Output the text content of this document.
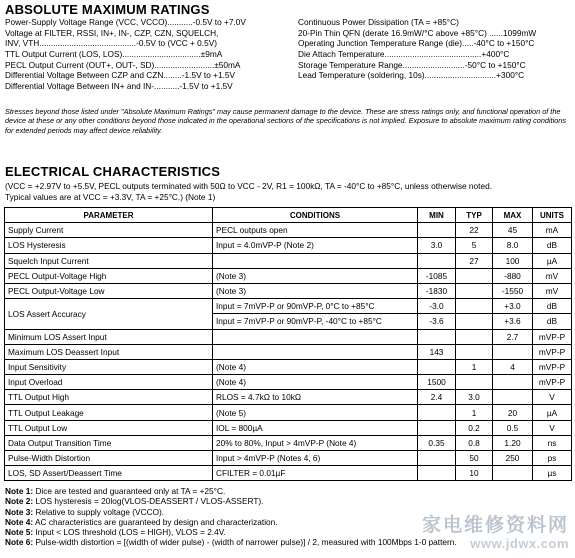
ABSOLUTE MAXIMUM RATINGS
Power-Supply Voltage Range (VCC, VCCO)...........-0.5V to +7.0V
Voltage at FILTER, RSSI, IN+, IN-, CZP, CZN, SQUELCH,
INV, VTH..........................................-0.5V to (VCC + 0.5V)
TTL Output Current (LOS, LOS)..................................±9mA
PECL Output Current (OUT+, OUT-, SD)..........................±50mA
Differential Voltage Between CZP and CZN........-1.5V to +1.5V
Differential Voltage Between IN+ and IN-...........-1.5V to +1.5V
Continuous Power Dissipation (TA = +85°C)
20-Pin Thin QFN (derate 16.9mW/°C above +85°C) ......1099mW
Operating Junction Temperature Range (die).....-40°C to +150°C
Die Attach Temperature..........................................+400°C
Storage Temperature Range...........................-50°C to +150°C
Lead Temperature (soldering, 10s)...............................+300°C
Stresses beyond those listed under "Absolute Maximum Ratings" may cause permanent damage to the device. These are stress ratings only, and functional operation of the device at these or any other conditions beyond those indicated in the operational sections of the specifications is not implied. Exposure to absolute maximum rating conditions for extended periods may affect device reliability.
ELECTRICAL CHARACTERISTICS
(VCC = +2.97V to +5.5V, PECL outputs terminated with 50Ω to VCC - 2V, R1 = 100kΩ, TA = -40°C to +85°C, unless otherwise noted.
Typical values are at VCC = +3.3V, TA = +25°C.) (Note 1)
PARAMETER	CONDITIONS	MIN	TYP	MAX	UNITS
Supply Current	PECL outputs open		22	45	mA
LOS Hysteresis	Input = 4.0mVP-P (Note 2)	3.0	5	8.0	dB
Squelch Input Current			27	100	µA
PECL Output-Voltage High	(Note 3)	-1085		-880	mV
PECL Output-Voltage Low	(Note 3)	-1830		-1550	mV
LOS Assert Accuracy	Input = 7mVP-P or 90mVP-P, 0°C to +85°C	-3.0		+3.0	dB
	Input = 7mVP-P or 90mVP-P, -40°C to +85°C	-3.6		+3.6	dB
Minimum LOS Assert Input				2.7	mVP-P
Maximum LOS Deassert Input		143			mVP-P
Input Sensitivity	(Note 4)		1	4	mVP-P
Input Overload	(Note 4)	1500			mVP-P
TTL Output High	RLOS = 4.7kΩ to 10kΩ	2.4	3.0		V
TTL Output Leakage	(Note 5)		1	20	µA
TTL Output Low	IOL = 800µA		0.2	0.5	V
Data Output Transition Time	20% to 80%, Input > 4mVP-P (Note 4)	0.35	0.8	1.20	ns
Pulse-Width Distortion	Input > 4mVP-P (Notes 4, 6)		50	250	ps
LOS, SD Assert/Deassert Time	CFILTER = 0.01µF		10		µs
Note 1: Dice are tested and guaranteed only at TA = +25°C.
Note 2: LOS hysteresis = 20log(VLOS-DEASSERT / VLOS-ASSERT).
Note 3: Relative to supply voltage (VCCO).
Note 4: AC characteristics are guaranteed by design and characterization.
Note 5: Input < LOS threshold (LOS = HIGH), VLOS = 2.4V.
Note 6: Pulse-width distortion = [(width of wider pulse) - (width of narrower pulse)] / 2, measured with 100Mbps 1-0 pattern.
家电维修资料网
www.jdwx.com
